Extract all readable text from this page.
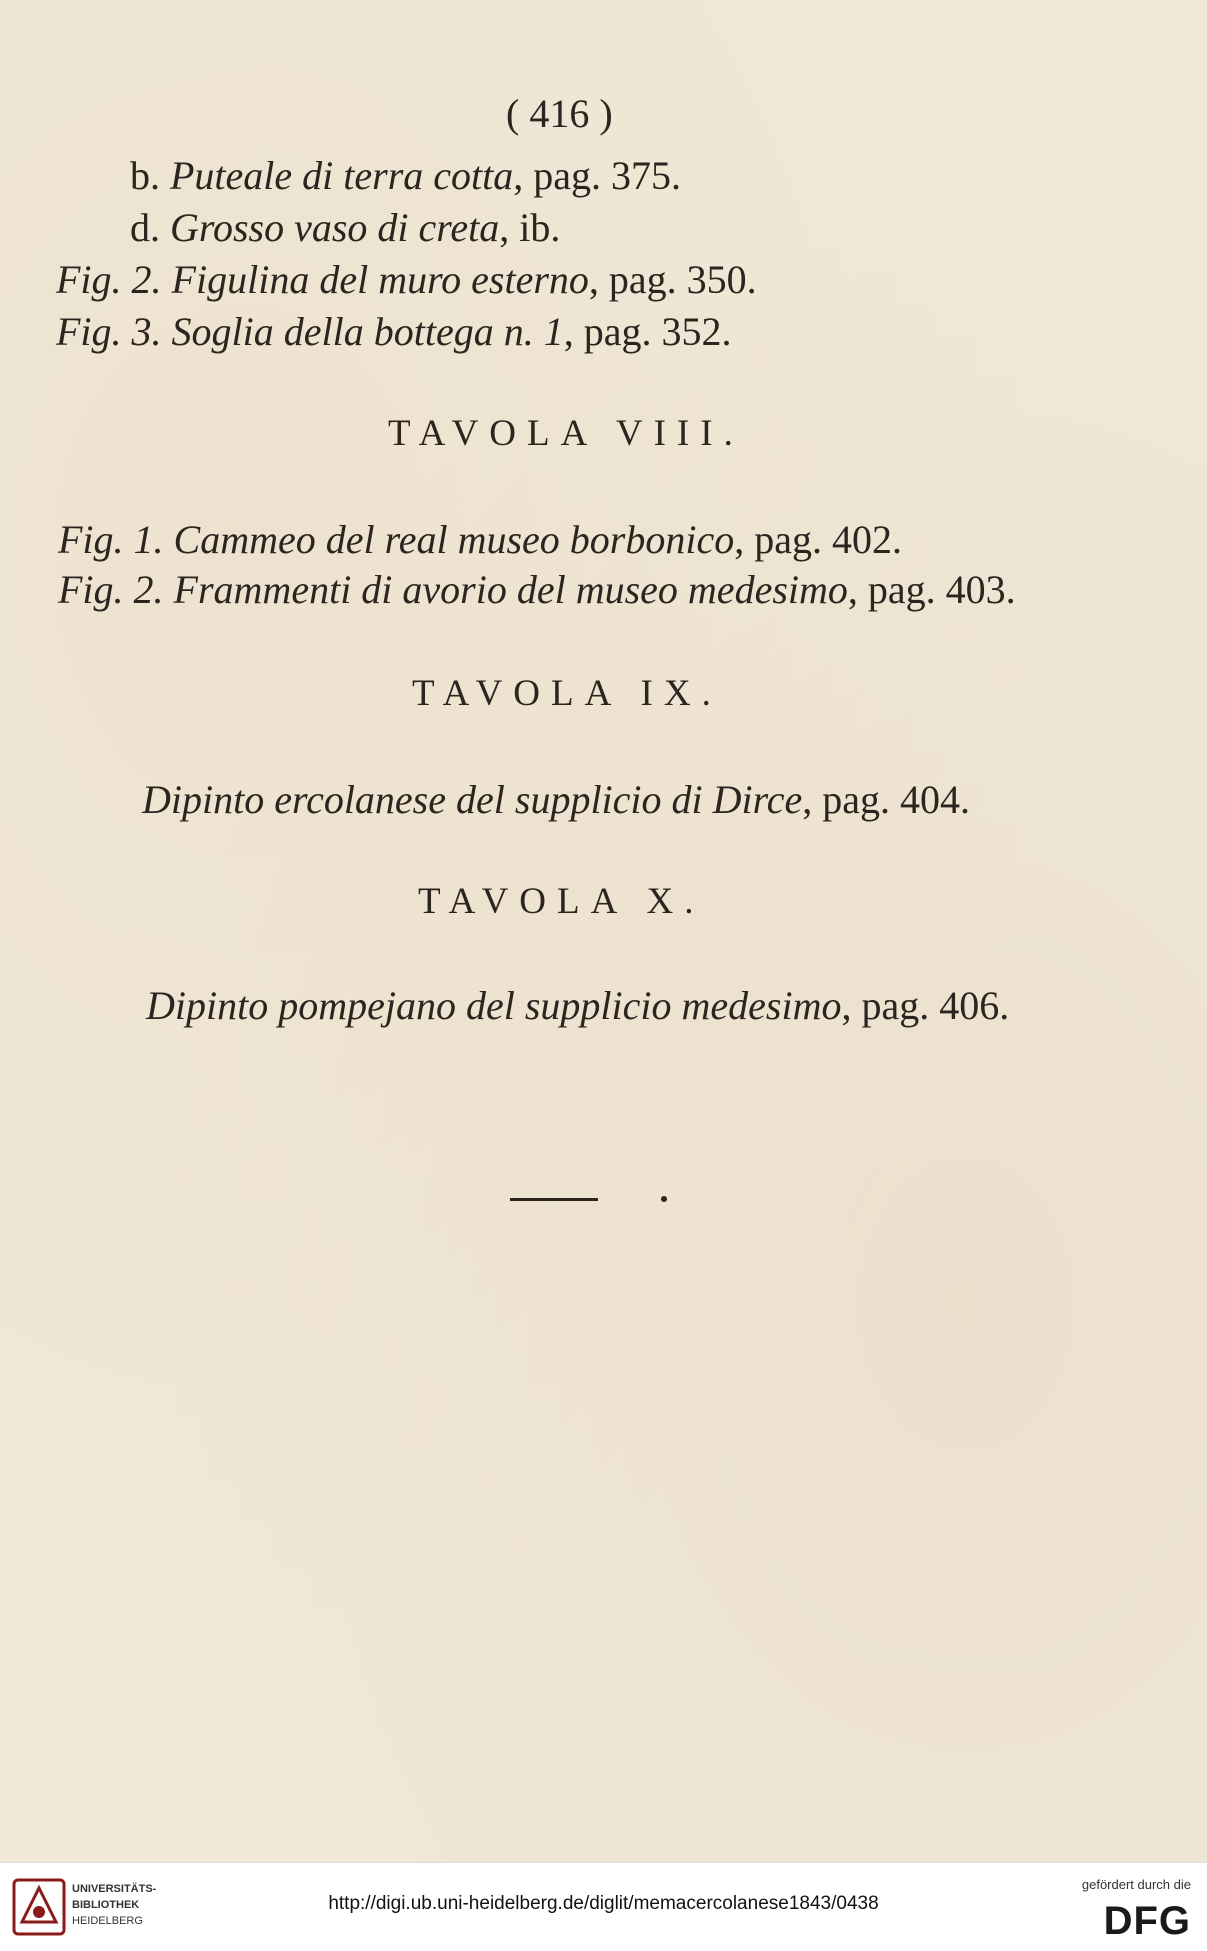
( 416 )
b. Puteale di terra cotta, pag. 375.
d. Grosso vaso di creta, ib.
Fig. 2. Figulina del muro esterno, pag. 350.
Fig. 3. Soglia della bottega n. 1, pag. 352.
TAVOLA VIII.
Fig. 1. Cammeo del real museo borbonico, pag. 402.
Fig. 2. Frammenti di avorio del museo medesimo, pag. 403.
TAVOLA IX.
Dipinto ercolanese del supplicio di Dirce, pag. 404.
TAVOLA X.
Dipinto pompejano del supplicio medesimo, pag. 406.
UNIVERSITÄTS-
BIBLIOTHEK
HEIDELBERG
http://digi.ub.uni-heidelberg.de/diglit/memacercolanese1843/0438
gefördert durch die
DFG
